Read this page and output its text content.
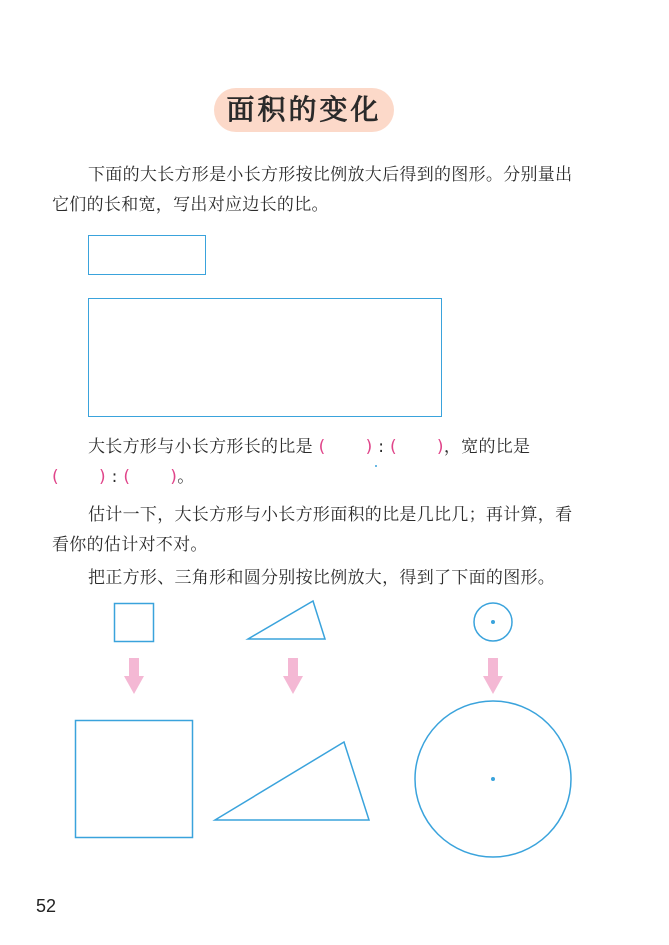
面积的变化
下面的大长方形是小长方形按比例放大后得到的图形。分别量出它们的长和宽，写出对应边长的比。
大长方形与小长方形长的比是 ( ) : ( )，宽的比是
( ) : ( )。
估计一下，大长方形与小长方形面积的比是几比几；再计算，看看你的估计对不对。
把正方形、三角形和圆分别按比例放大，得到了下面的图形。
52
